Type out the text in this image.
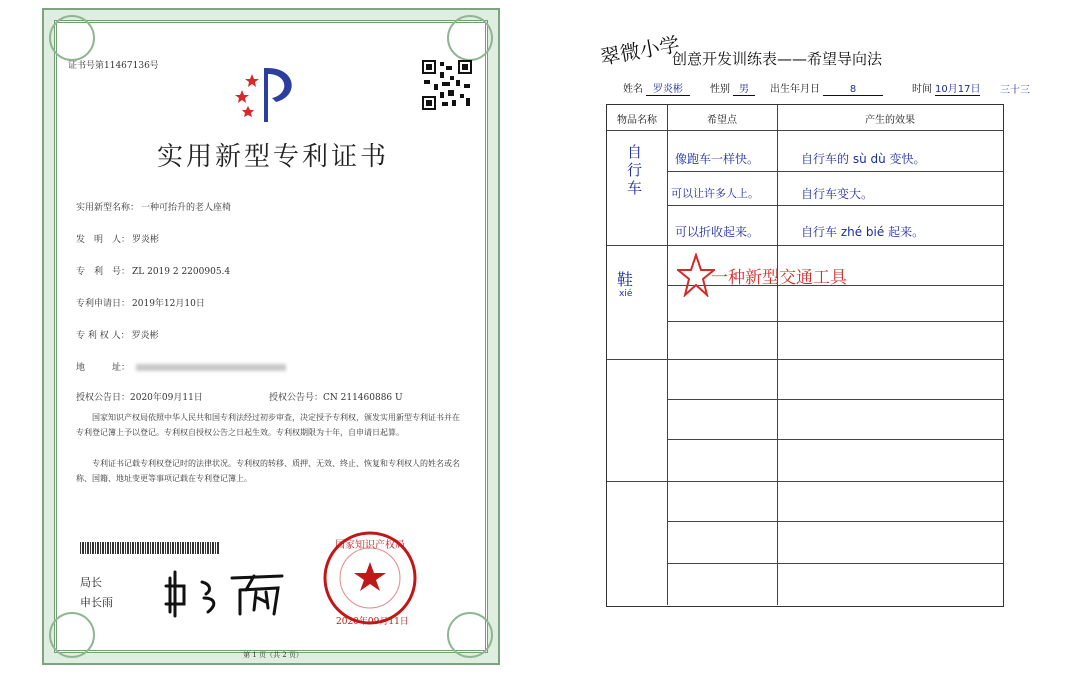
证书号第11467136号
实用新型专利证书
实用新型名称： 一种可抬升的老人座椅
发　明　人： 罗炎彬
专　利　号： ZL 2019 2 2200905.4
专利申请日： 2019年12月10日
专 利 权 人： 罗炎彬
地　　　址：
授权公告日：2020年09月11日	授权公告号：CN 211460886 U
国家知识产权局依照中华人民共和国专利法经过初步审查，决定授予专利权，颁发实用新型专利证书并在专利登记簿上予以登记。专利权自授权公告之日起生效。专利权期限为十年，自申请日起算。
专利证书记载专利权登记时的法律状况。专利权的转移、质押、无效、终止、恢复和专利权人的姓名或名称、国籍、地址变更等事项记载在专利登记簿上。
局长
申长雨
国家知识产权局
2020年09月11日
第 1 页（共 2 页）
翠微小学
创意开发训练表——希望导向法
姓名 罗炎彬	性别 男	出生年月日	8	时间 10月17日 三十三
物品名称	希望点	产生的效果
自行车
像跑车一样快。	自行车的 sù dù 变快。
可以让许多人上。	自行车变大。
可以折收起来。	自行车 zhé bié 起来。
鞋
xié
一种新型交通工具
